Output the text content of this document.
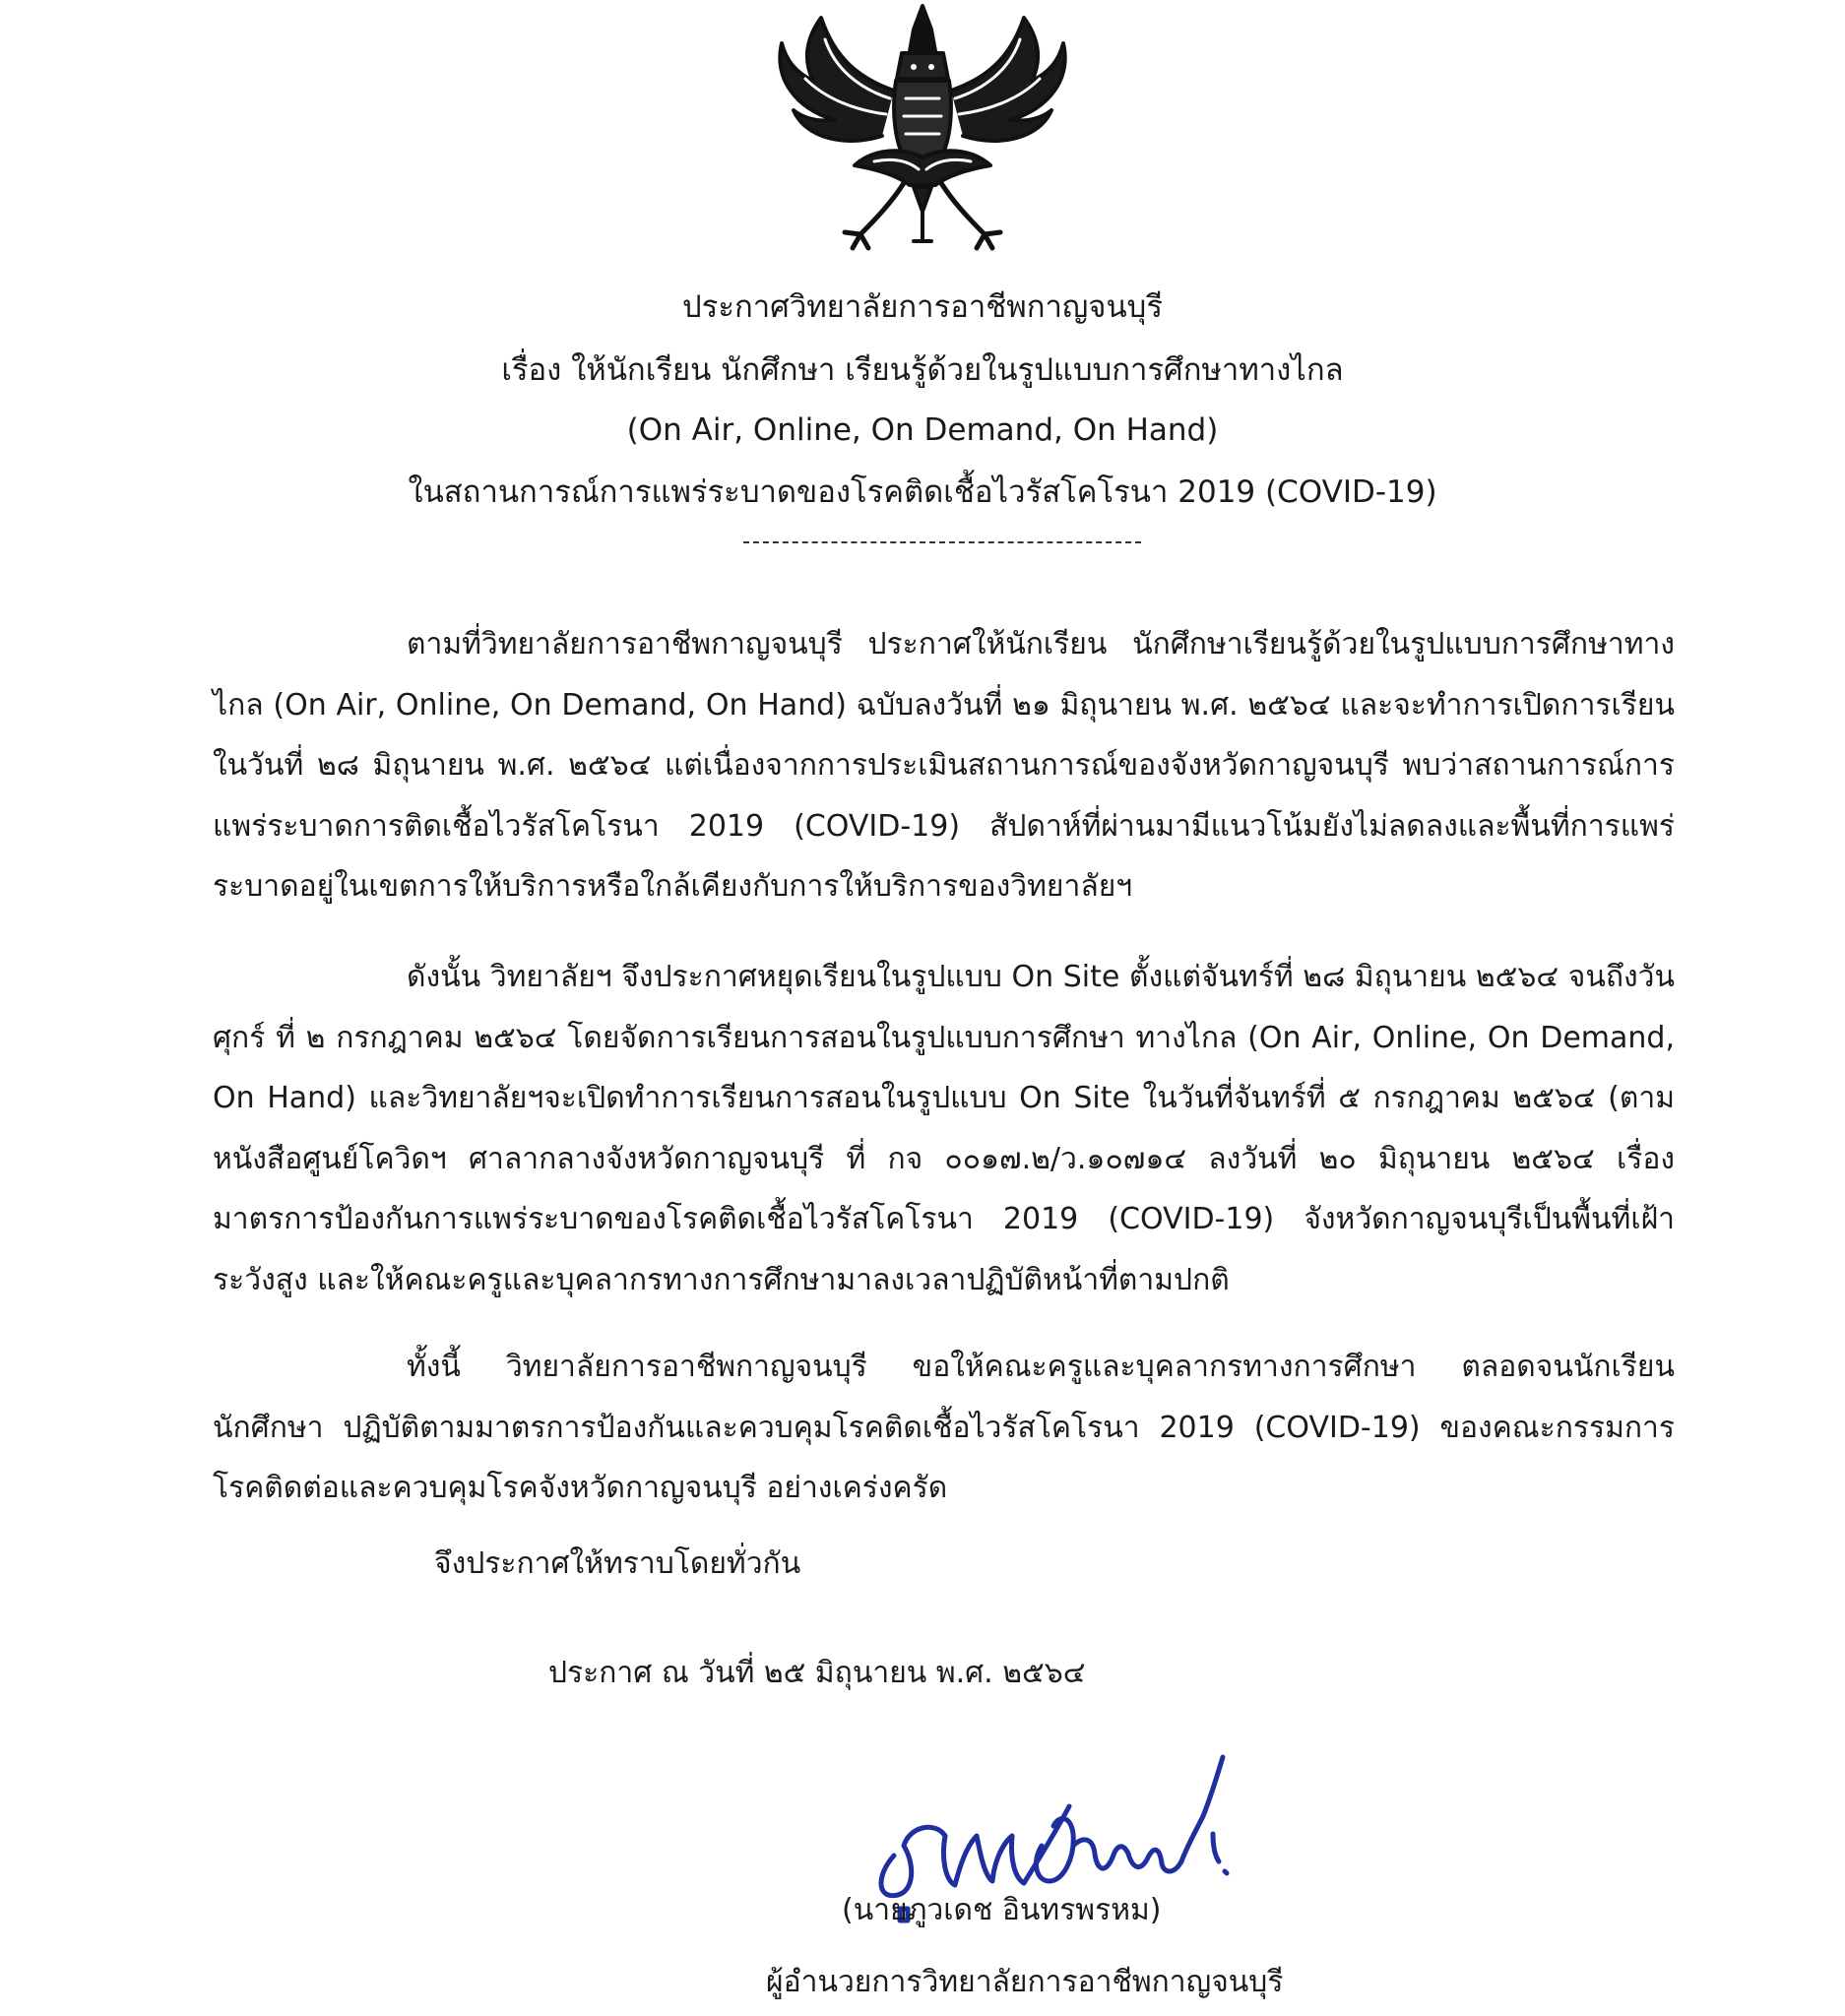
ประกาศวิทยาลัยการอาชีพกาญจนบุรี
เรื่อง ให้นักเรียน นักศึกษา เรียนรู้ด้วยในรูปแบบการศึกษาทางไกล
(On Air, Online, On Demand, On Hand)
ในสถานการณ์การแพร่ระบาดของโรคติดเชื้อไวรัสโคโรนา 2019 (COVID-19)
ตามที่วิทยาลัยการอาชีพกาญจนบุรี ประกาศให้นักเรียน นักศึกษาเรียนรู้ด้วยในรูปแบบการศึกษาทางไกล (On Air, Online, On Demand, On Hand) ฉบับลงวันที่ ๒๑ มิถุนายน พ.ศ. ๒๕๖๔ และจะทำการเปิดการเรียนในวันที่ ๒๘ มิถุนายน พ.ศ. ๒๕๖๔ แต่เนื่องจากการประเมินสถานการณ์ของจังหวัดกาญจนบุรี พบว่าสถานการณ์การแพร่ระบาดการติดเชื้อไวรัสโคโรนา 2019 (COVID-19) สัปดาห์ที่ผ่านมามีแนวโน้มยังไม่ลดลงและพื้นที่การแพร่ระบาดอยู่ในเขตการให้บริการหรือใกล้เคียงกับการให้บริการของวิทยาลัยฯ
ดังนั้น วิทยาลัยฯ จึงประกาศหยุดเรียนในรูปแบบ On Site ตั้งแต่จันทร์ที่ ๒๘ มิถุนายน ๒๕๖๔ จนถึงวันศุกร์ ที่ ๒ กรกฎาคม ๒๕๖๔ โดยจัดการเรียนการสอนในรูปแบบการศึกษา ทางไกล (On Air, Online, On Demand, On Hand) และวิทยาลัยฯจะเปิดทำการเรียนการสอนในรูปแบบ On Site ในวันที่จันทร์ที่ ๕ กรกฎาคม ๒๕๖๔ (ตามหนังสือศูนย์โควิดฯ ศาลากลางจังหวัดกาญจนบุรี ที่ กจ ๐๐๑๗.๒/ว.๑๐๗๑๔ ลงวันที่ ๒๐ มิถุนายน ๒๕๖๔ เรื่องมาตรการป้องกันการแพร่ระบาดของโรคติดเชื้อไวรัสโคโรนา 2019 (COVID-19) จังหวัดกาญจนบุรีเป็นพื้นที่เฝ้าระวังสูง และให้คณะครูและบุคลากรทางการศึกษามาลงเวลาปฏิบัติหน้าที่ตามปกติ
ทั้งนี้ วิทยาลัยการอาชีพกาญจนบุรี ขอให้คณะครูและบุคลากรทางการศึกษา ตลอดจนนักเรียน นักศึกษา ปฏิบัติตามมาตรการป้องกันและควบคุมโรคติดเชื้อไวรัสโคโรนา 2019 (COVID-19) ของคณะกรรมการโรคติดต่อและควบคุมโรคจังหวัดกาญจนบุรี อย่างเคร่งครัด
จึงประกาศให้ทราบโดยทั่วกัน
ประกาศ ณ วันที่ ๒๕ มิถุนายน พ.ศ. ๒๕๖๔
(นายภูวเดช อินทรพรหม)
ผู้อำนวยการวิทยาลัยการอาชีพกาญจนบุรี
